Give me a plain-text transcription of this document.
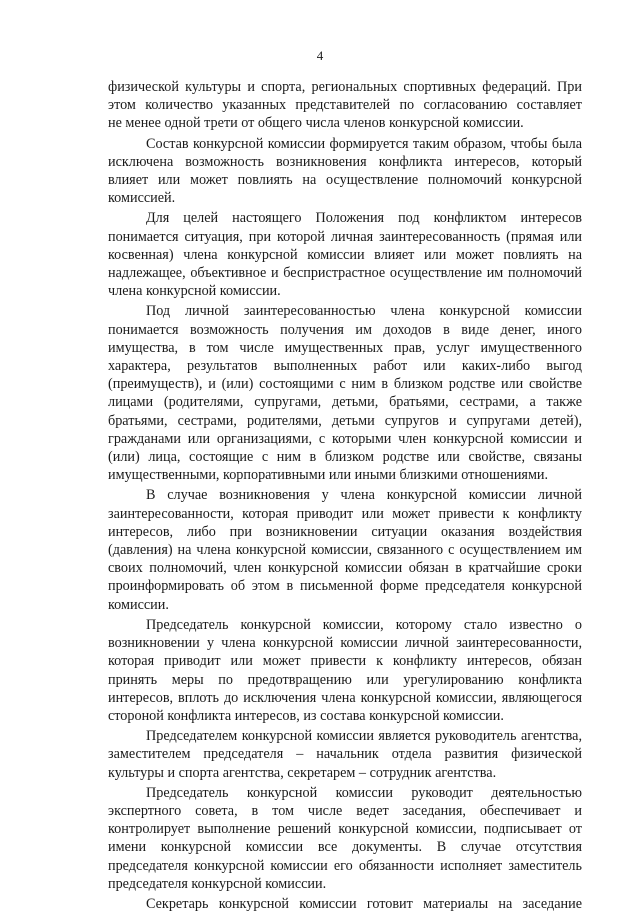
4
физической культуры и спорта, региональных спортивных федераций. При
этом количество указанных представителей по согласованию составляет
не менее одной трети от общего числа членов конкурсной комиссии.
Состав конкурсной комиссии формируется таким образом, чтобы была
исключена возможность возникновения конфликта интересов, который
влияет или может повлиять на осуществление полномочий конкурсной
комиссией.
Для целей настоящего Положения под конфликтом интересов
понимается ситуация, при которой личная заинтересованность (прямая или
косвенная) члена конкурсной комиссии влияет или может повлиять на
надлежащее, объективное и беспристрастное осуществление им полномочий
члена конкурсной комиссии.
Под личной заинтересованностью члена конкурсной комиссии
понимается возможность получения им доходов в виде денег, иного
имущества, в том числе имущественных прав, услуг имущественного
характера, результатов выполненных работ или каких-либо выгод
(преимуществ), и (или) состоящими с ним в близком родстве или свойстве
лицами (родителями, супругами, детьми, братьями, сестрами, а также
братьями, сестрами, родителями, детьми супругов и супругами детей),
гражданами или организациями, с которыми член конкурсной комиссии и
(или) лица, состоящие с ним в близком родстве или свойстве, связаны
имущественными, корпоративными или иными близкими отношениями.
В случае возникновения у члена конкурсной комиссии личной
заинтересованности, которая приводит или может привести к конфликту
интересов, либо при возникновении ситуации оказания воздействия
(давления) на члена конкурсной комиссии, связанного с осуществлением им
своих полномочий, член конкурсной комиссии обязан в кратчайшие сроки
проинформировать об этом в письменной форме председателя конкурсной
комиссии.
Председатель конкурсной комиссии, которому стало известно о
возникновении у члена конкурсной комиссии личной заинтересованности,
которая приводит или может привести к конфликту интересов, обязан
принять меры по предотвращению или урегулированию конфликта
интересов, вплоть до исключения члена конкурсной комиссии, являющегося
стороной конфликта интересов, из состава конкурсной комиссии.
Председателем конкурсной комиссии является руководитель агентства,
заместителем председателя – начальник отдела развития физической
культуры и спорта агентства, секретарем – сотрудник агентства.
Председатель конкурсной комиссии руководит деятельностью
экспертного совета, в том числе ведет заседания, обеспечивает и
контролирует выполнение решений конкурсной комиссии, подписывает от
имени конкурсной комиссии все документы. В случае отсутствия
председателя конкурсной комиссии его обязанности исполняет заместитель
председателя конкурсной комиссии.
Секретарь конкурсной комиссии готовит материалы на заседание
